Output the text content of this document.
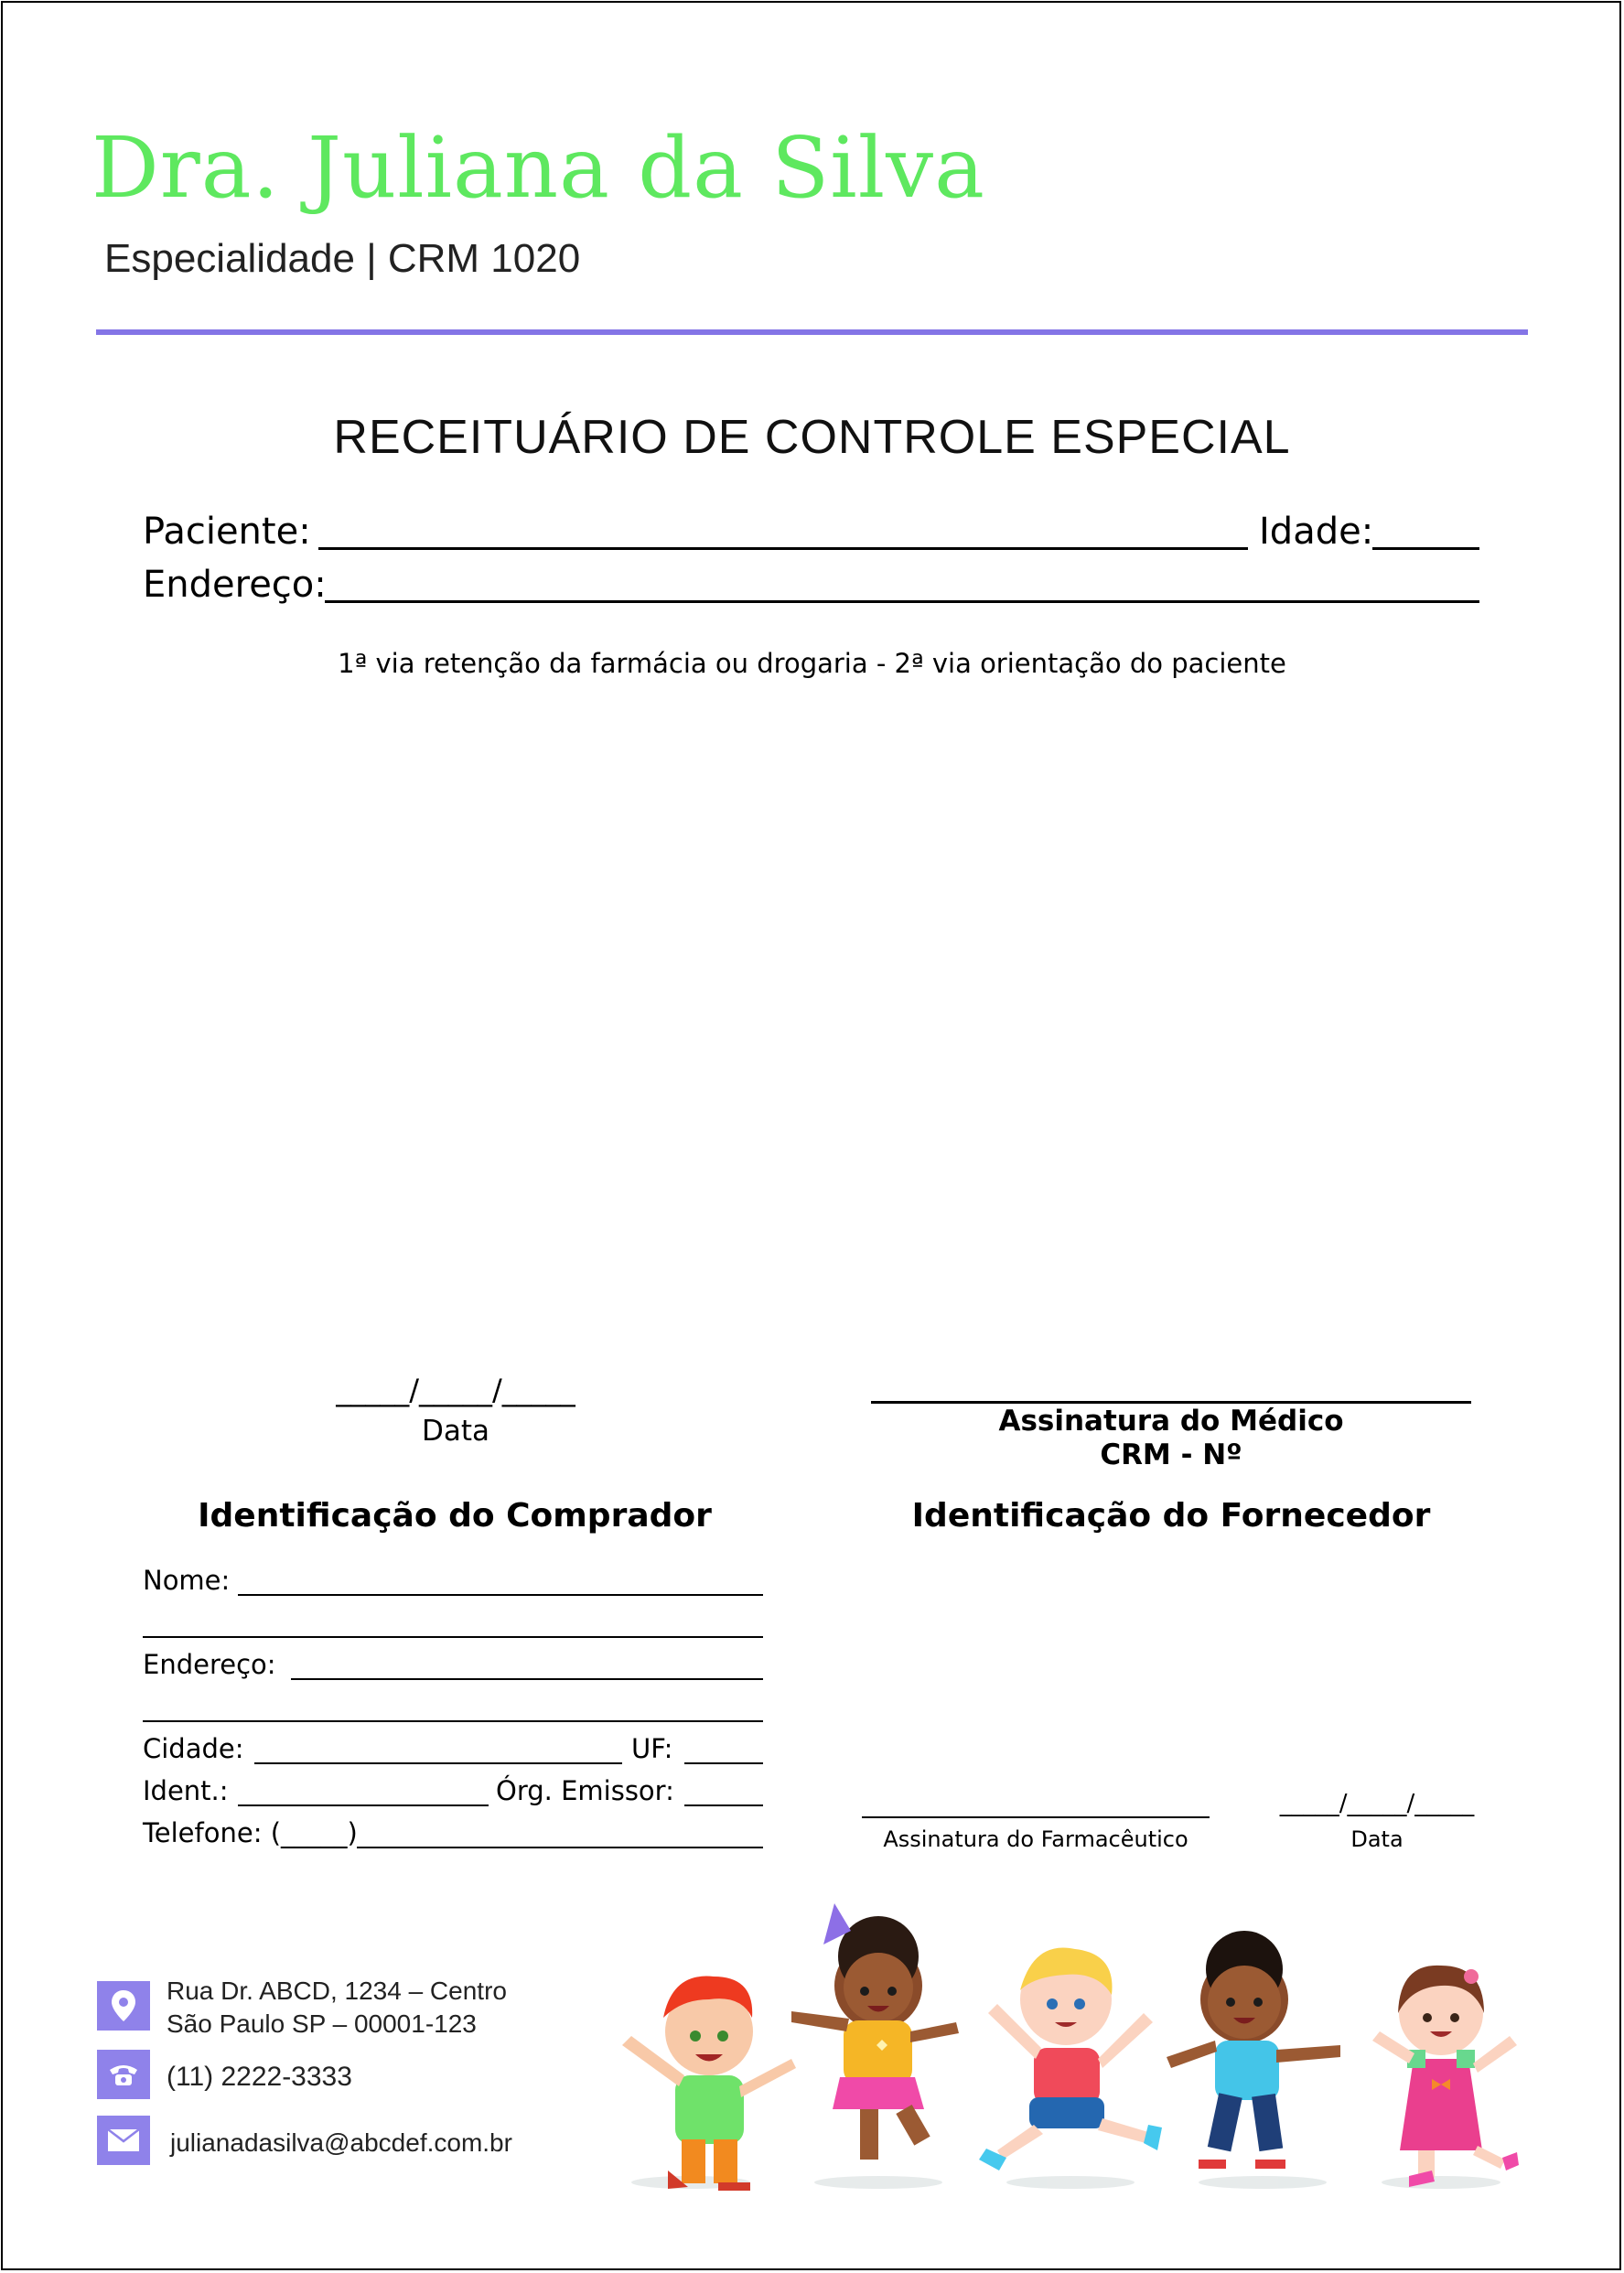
Dra. Juliana da Silva
Especialidade | CRM 1020
RECEITUÁRIO DE CONTROLE ESPECIAL
Paciente:	Idade:
Endereço:
1ª via retenção da farmácia ou drogaria - 2ª via orientação do paciente
_____/_____/_____
Data	Assinatura do Médico
CRM - Nº
Identificação do Comprador
Nome:
Endereço:
Cidade:	UF:
Ident.:	Órg. Emissor:
Telefone: (_____)
Identificação do Fornecedor
Assinatura do Farmacêutico
_____/_____/_____
Data
Rua Dr. ABCD, 1234 – Centro
São Paulo SP – 00001-123
(11) 2222-3333
julianadasilva@abcdef.com.br
